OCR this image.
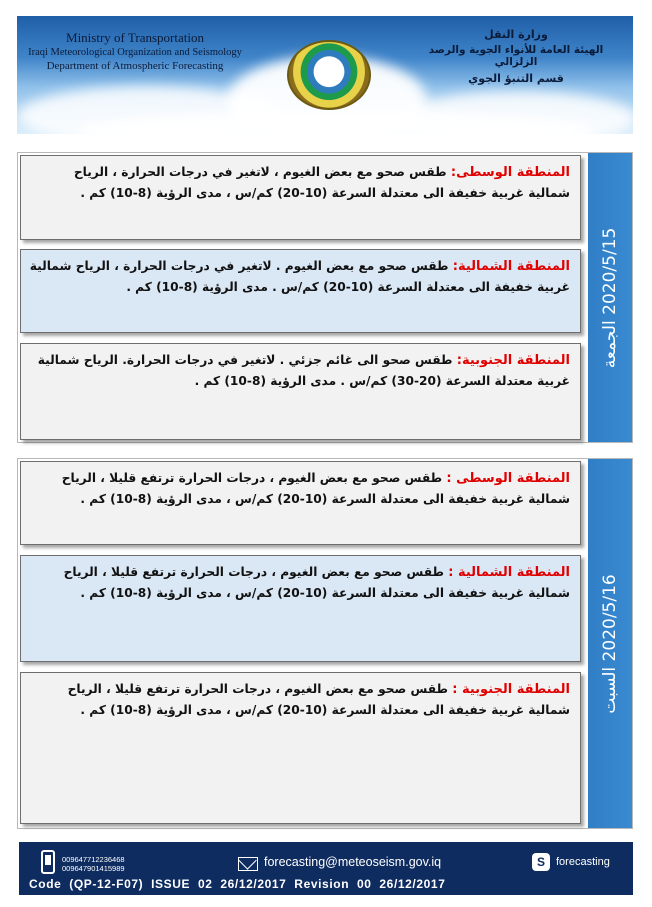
Ministry of Transportation
Iraqi Meteorological Organization and Seismology
Department of Atmospheric Forecasting
وزارة النقل
الهيئة العامة للأنواء الجوية والرصد الزلزالي
قسم التنبؤ الجوي
المنطقة الوسطى: طقس صحو مع بعض الغيوم ، لاتغير في درجات الحرارة ، الرياح شمالية غربية خفيفة الى معتدلة السرعة (10-20) كم/س ، مدى الرؤية (8-10) كم .
المنطقة الشمالية: طقس صحو مع بعض الغيوم . لاتغير في درجات الحرارة ، الرياح شمالية غربية خفيفة الى معتدلة السرعة (10-20) كم/س . مدى الرؤية (8-10) كم .
المنطقة الجنوبية: طقس صحو الى غائم جزئي . لاتغير في درجات الحرارة. الرياح شمالية غربية معتدلة السرعة (20-30) كم/س . مدى الرؤية (8-10) كم .
2020/5/15 الجمعة
المنطقة الوسطى : طقس صحو مع بعض الغيوم ، درجات الحرارة ترتفع قليلا ، الرياح شمالية غربية خفيفة الى معتدلة السرعة (10-20) كم/س ، مدى الرؤية (8-10) كم .
المنطقة الشمالية : طقس صحو مع بعض الغيوم ، درجات الحرارة ترتفع قليلا ، الرياح شمالية غربية خفيفة الى معتدلة السرعة (10-20) كم/س ، مدى الرؤية (8-10) كم .
المنطقة الجنوبية : طقس صحو مع بعض الغيوم ، درجات الحرارة ترتفع قليلا ، الرياح شمالية غربية خفيفة الى معتدلة السرعة (10-20) كم/س ، مدى الرؤية (8-10) كم .	2020/5/16 السبت
009647712236468
009647901415989	forecasting@meteoseism.gov.iq	S	forecasting
Code  (QP-12-F07)  ISSUE  02  26/12/2017  Revision  00  26/12/2017
